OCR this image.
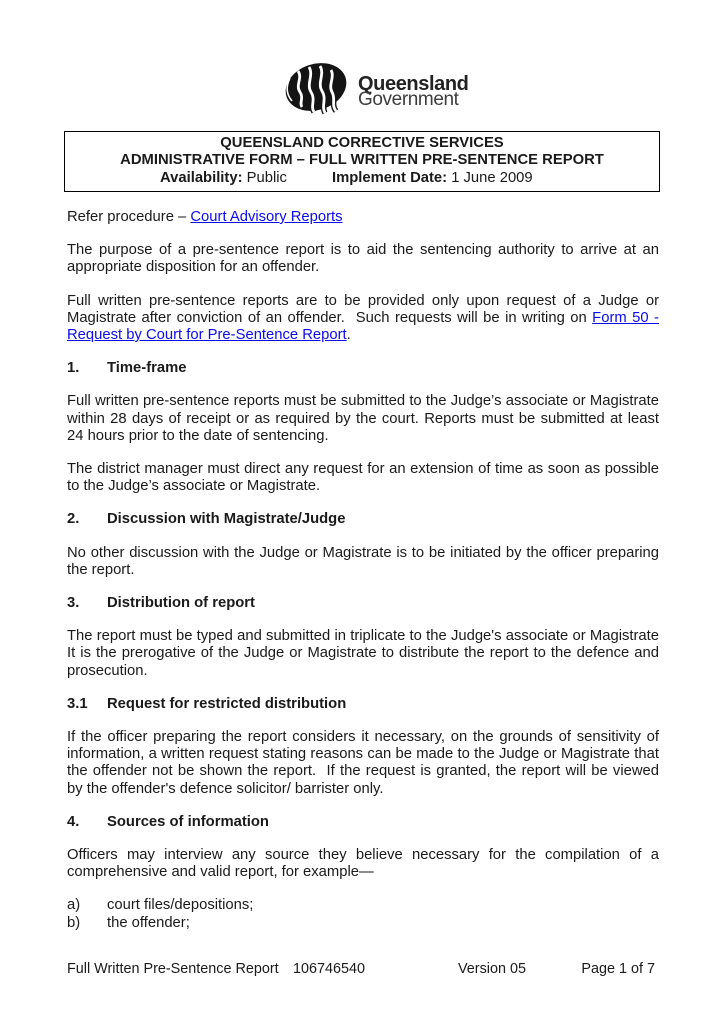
Queensland
Government
QUEENSLAND CORRECTIVE SERVICES
ADMINISTRATIVE FORM – FULL WRITTEN PRE-SENTENCE REPORT
Availability: Public	Implement Date: 1 June 2009

Refer procedure – Court Advisory Reports

The purpose of a pre-sentence report is to aid the sentencing authority to arrive at an appropriate disposition for an offender.

Full written pre-sentence reports are to be provided only upon request of a Judge or Magistrate after conviction of an offender.  Such requests will be in writing on Form 50 - Request by Court for Pre-Sentence Report.

1. Time-frame

Full written pre-sentence reports must be submitted to the Judge’s associate or Magistrate within 28 days of receipt or as required by the court. Reports must be submitted at least 24 hours prior to the date of sentencing.

The district manager must direct any request for an extension of time as soon as possible to the Judge’s associate or Magistrate.

2. Discussion with Magistrate/Judge

No other discussion with the Judge or Magistrate is to be initiated by the officer preparing the report.

3. Distribution of report

The report must be typed and submitted in triplicate to the Judge's associate or Magistrate It is the prerogative of the Judge or Magistrate to distribute the report to the defence and prosecution.

3.1 Request for restricted distribution

If the officer preparing the report considers it necessary, on the grounds of sensitivity of information, a written request stating reasons can be made to the Judge or Magistrate that the offender not be shown the report.  If the request is granted, the report will be viewed by the offender's defence solicitor/ barrister only.

4. Sources of information

Officers may interview any source they believe necessary for the compilation of a comprehensive and valid report, for example—

a) court files/depositions;

b) the offender;

Full Written Pre-Sentence Report 106746540	Version 05	Page 1 of 7
